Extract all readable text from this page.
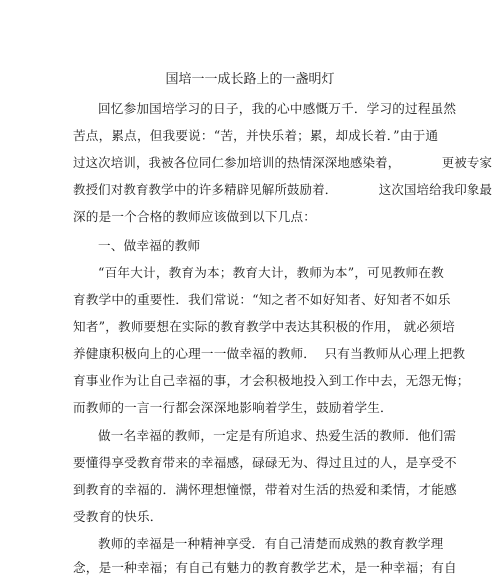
国培一一成长路上的一盏明灯
回忆参加国培学习的日子，我的心中感慨万千．学习的过程虽然
苦点，累点，但我要说：“苦，并快乐着；累，却成长着．”由于通
过这次培训，我被各位同仁参加培训的热情深深地感染着，          更被专家
教授们对教育教学中的许多精辟见解所鼓励着．          这次国培给我印象最
深的是一个合格的教师应该做到以下几点：
一、做幸福的教师
“百年大计，教育为本；教育大计，教师为本”，可见教师在教
育教学中的重要性．我们常说：“知之者不如好知者、好知者不如乐
知者”，教师要想在实际的教育教学中表达其积极的作用， 就必须培
养健康积极向上的心理一一做幸福的教师．  只有当教师从心理上把教
育事业作为让自己幸福的事，才会积极地投入到工作中去，无怨无悔；
而教师的一言一行都会深深地影响着学生，鼓励着学生．
做一名幸福的教师，一定是有所追求、热爱生活的教师．他们需
要懂得享受教育带来的幸福感，碌碌无为、得过且过的人，是享受不
到教育的幸福的．满怀理想憧憬，带着对生活的热爱和柔情，才能感
受教育的快乐．
教师的幸福是一种精神享受．有自己清楚而成熟的教育教学理
念，是一种幸福；有自己有魅力的教育教学艺术，是一种幸福；有自
